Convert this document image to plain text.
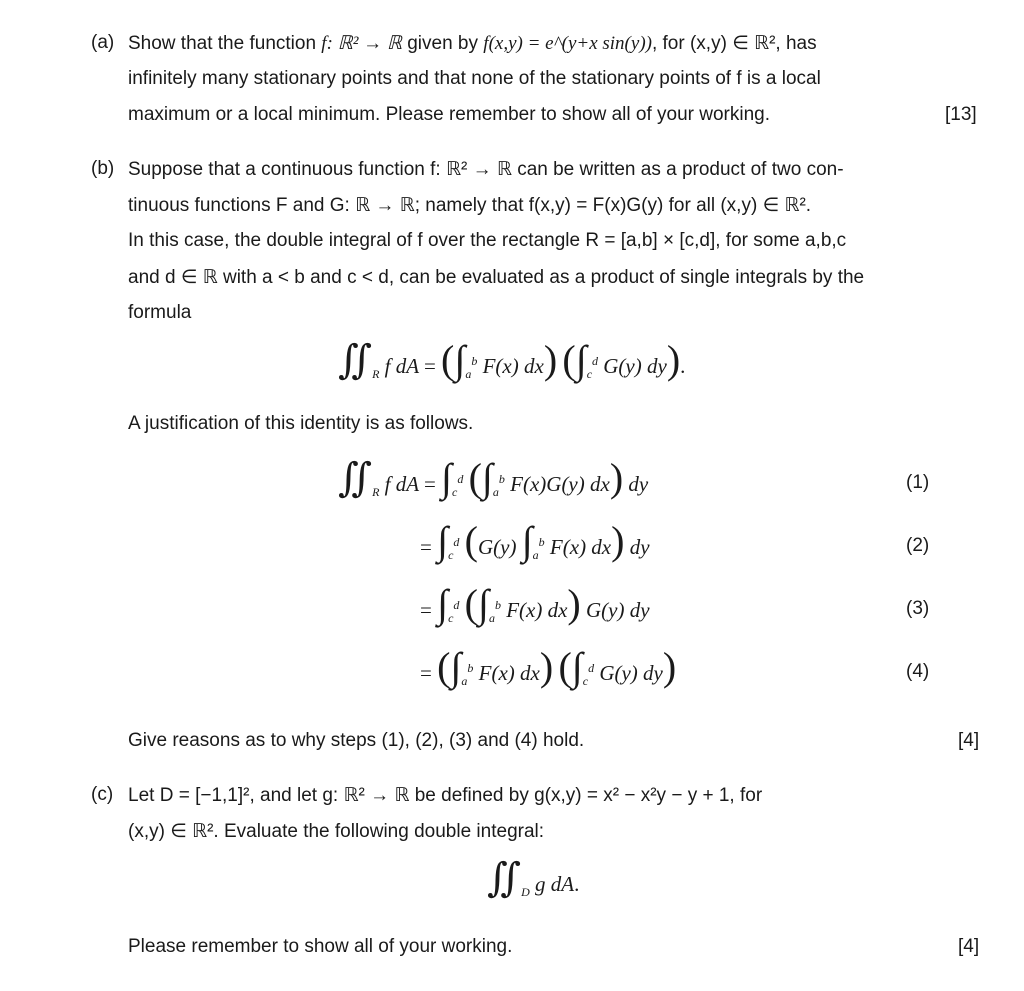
(a) Show that the function f: ℝ² → ℝ given by f(x,y) = e^(y+x sin(y)), for (x,y) ∈ ℝ², has
infinitely many stationary points and that none of the stationary points of f is a local
maximum or a local minimum. Please remember to show all of your working.	[13]
(b) Suppose that a continuous function f: ℝ² → ℝ can be written as a product of two con-
tinuous functions F and G: ℝ → ℝ; namely that f(x,y) = F(x)G(y) for all (x,y) ∈ ℝ².
In this case, the double integral of f over the rectangle R = [a,b] × [c,d], for some a,b,c
and d ∈ ℝ with a < b and c < d, can be evaluated as a product of single integrals by the
formula
$∬_R$ f dA = ($\int_a^b$ F(x) dx) ($\int_c^d$ G(y) dy).
A justification of this identity is as follows.
$∬_R$ f dA = $\int_c^d$ ($\int_a^b$ F(x)G(y) dx) dy	(1)
= $\int_c^d$ (G(y) $\int_a^b$ F(x) dx) dy	(2)
= $\int_c^d$ ($\int_a^b$ F(x) dx) G(y) dy	(3)
= ($\int_a^b$ F(x) dx) ($\int_c^d$ G(y) dy)	(4)
Give reasons as to why steps (1), (2), (3) and (4) hold.	[4]
(c) Let D = [−1,1]², and let g: ℝ² → ℝ be defined by g(x,y) = x² − x²y − y + 1, for
(x,y) ∈ ℝ². Evaluate the following double integral:
$∬_D$ g dA.
Please remember to show all of your working.	[4]
